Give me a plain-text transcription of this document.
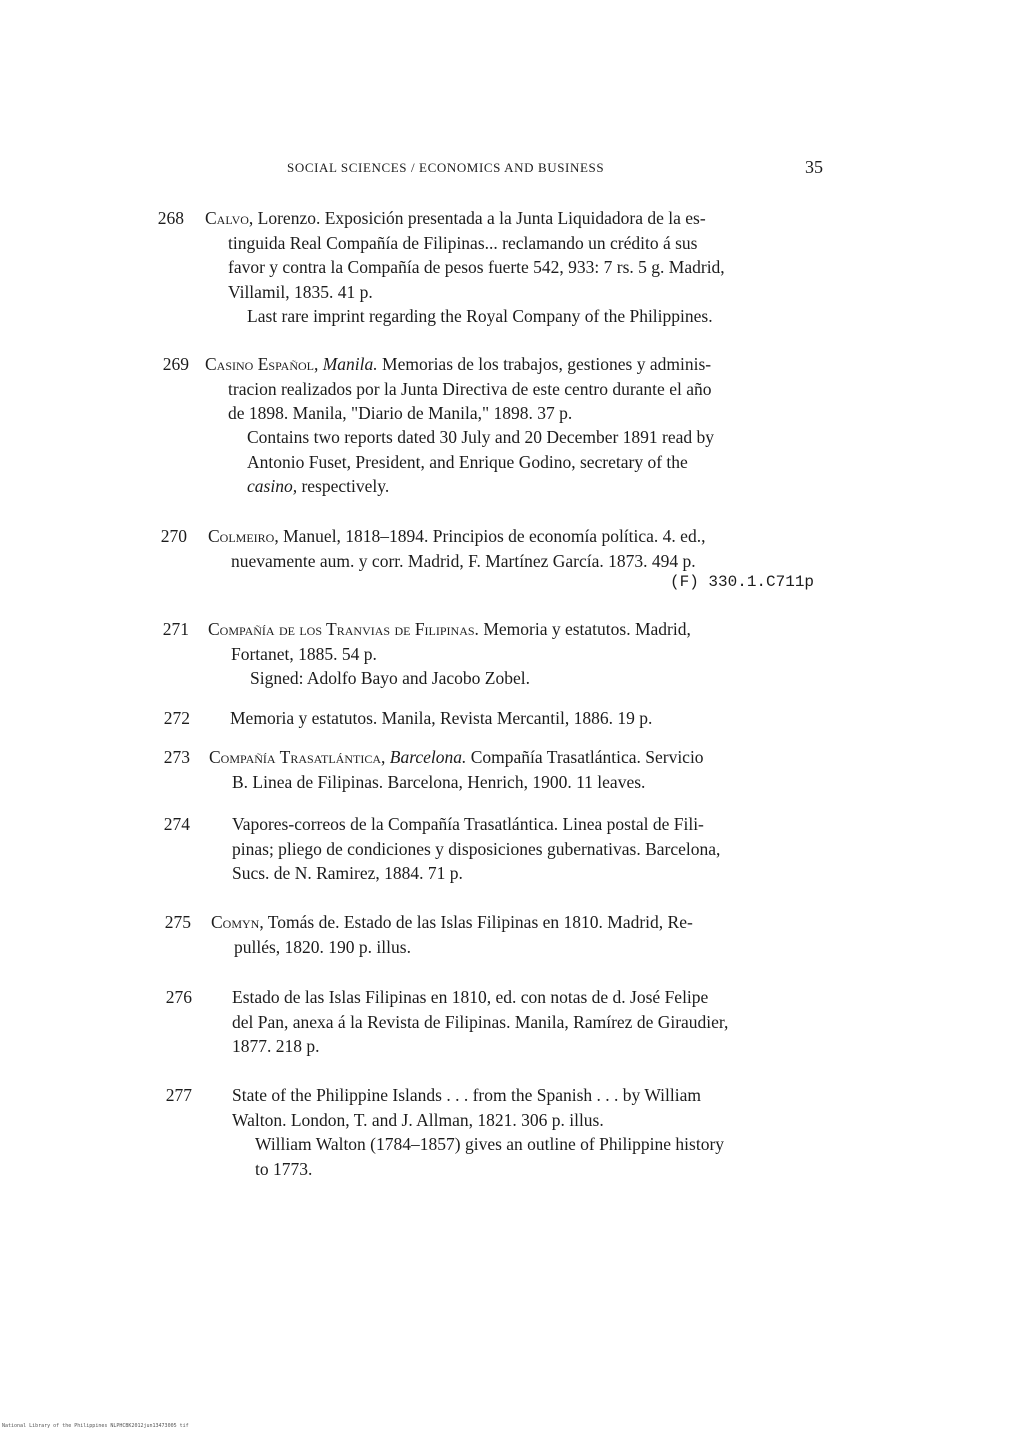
SOCIAL SCIENCES / ECONOMICS AND BUSINESS	35
268 Calvo, Lorenzo. Exposición presentada a la Junta Liquidadora de la es-
tinguida Real Compañía de Filipinas... reclamando un crédito á sus
favor y contra la Compañía de pesos fuerte 542, 933: 7 rs. 5 g. Madrid,
Villamil, 1835. 41 p.
Last rare imprint regarding the Royal Company of the Philippines.
269 Casino Español, Manila. Memorias de los trabajos, gestiones y adminis-
tracion realizados por la Junta Directiva de este centro durante el año
de 1898. Manila, "Diario de Manila," 1898. 37 p.
Contains two reports dated 30 July and 20 December 1891 read by
Antonio Fuset, President, and Enrique Godino, secretary of the
casino, respectively.
270 Colmeiro, Manuel, 1818–1894. Principios de economía política. 4. ed.,
nuevamente aum. y corr. Madrid, F. Martínez García. 1873. 494 p.
(F) 330.1.C711p
271 Compañía de los Tranvias de Filipinas. Memoria y estatutos. Madrid,
Fortanet, 1885. 54 p.
Signed: Adolfo Bayo and Jacobo Zobel.
272 Memoria y estatutos. Manila, Revista Mercantil, 1886. 19 p.
273 Compañía Trasatlántica, Barcelona. Compañía Trasatlántica. Servicio
B. Linea de Filipinas. Barcelona, Henrich, 1900. 11 leaves.
274 Vapores-correos de la Compañía Trasatlántica. Linea postal de Fili-
pinas; pliego de condiciones y disposiciones gubernativas. Barcelona,
Sucs. de N. Ramirez, 1884. 71 p.
275 Comyn, Tomás de. Estado de las Islas Filipinas en 1810. Madrid, Re-
pullés, 1820. 190 p. illus.
276 Estado de las Islas Filipinas en 1810, ed. con notas de d. José Felipe
del Pan, anexa á la Revista de Filipinas. Manila, Ramírez de Giraudier,
1877. 218 p.
277 State of the Philippine Islands . . . from the Spanish . . . by William
Walton. London, T. and J. Allman, 1821. 306 p. illus.
William Walton (1784–1857) gives an outline of Philippine history
to 1773.
National Library of the Philippines NLPHCBK2012jun13473005 tif
